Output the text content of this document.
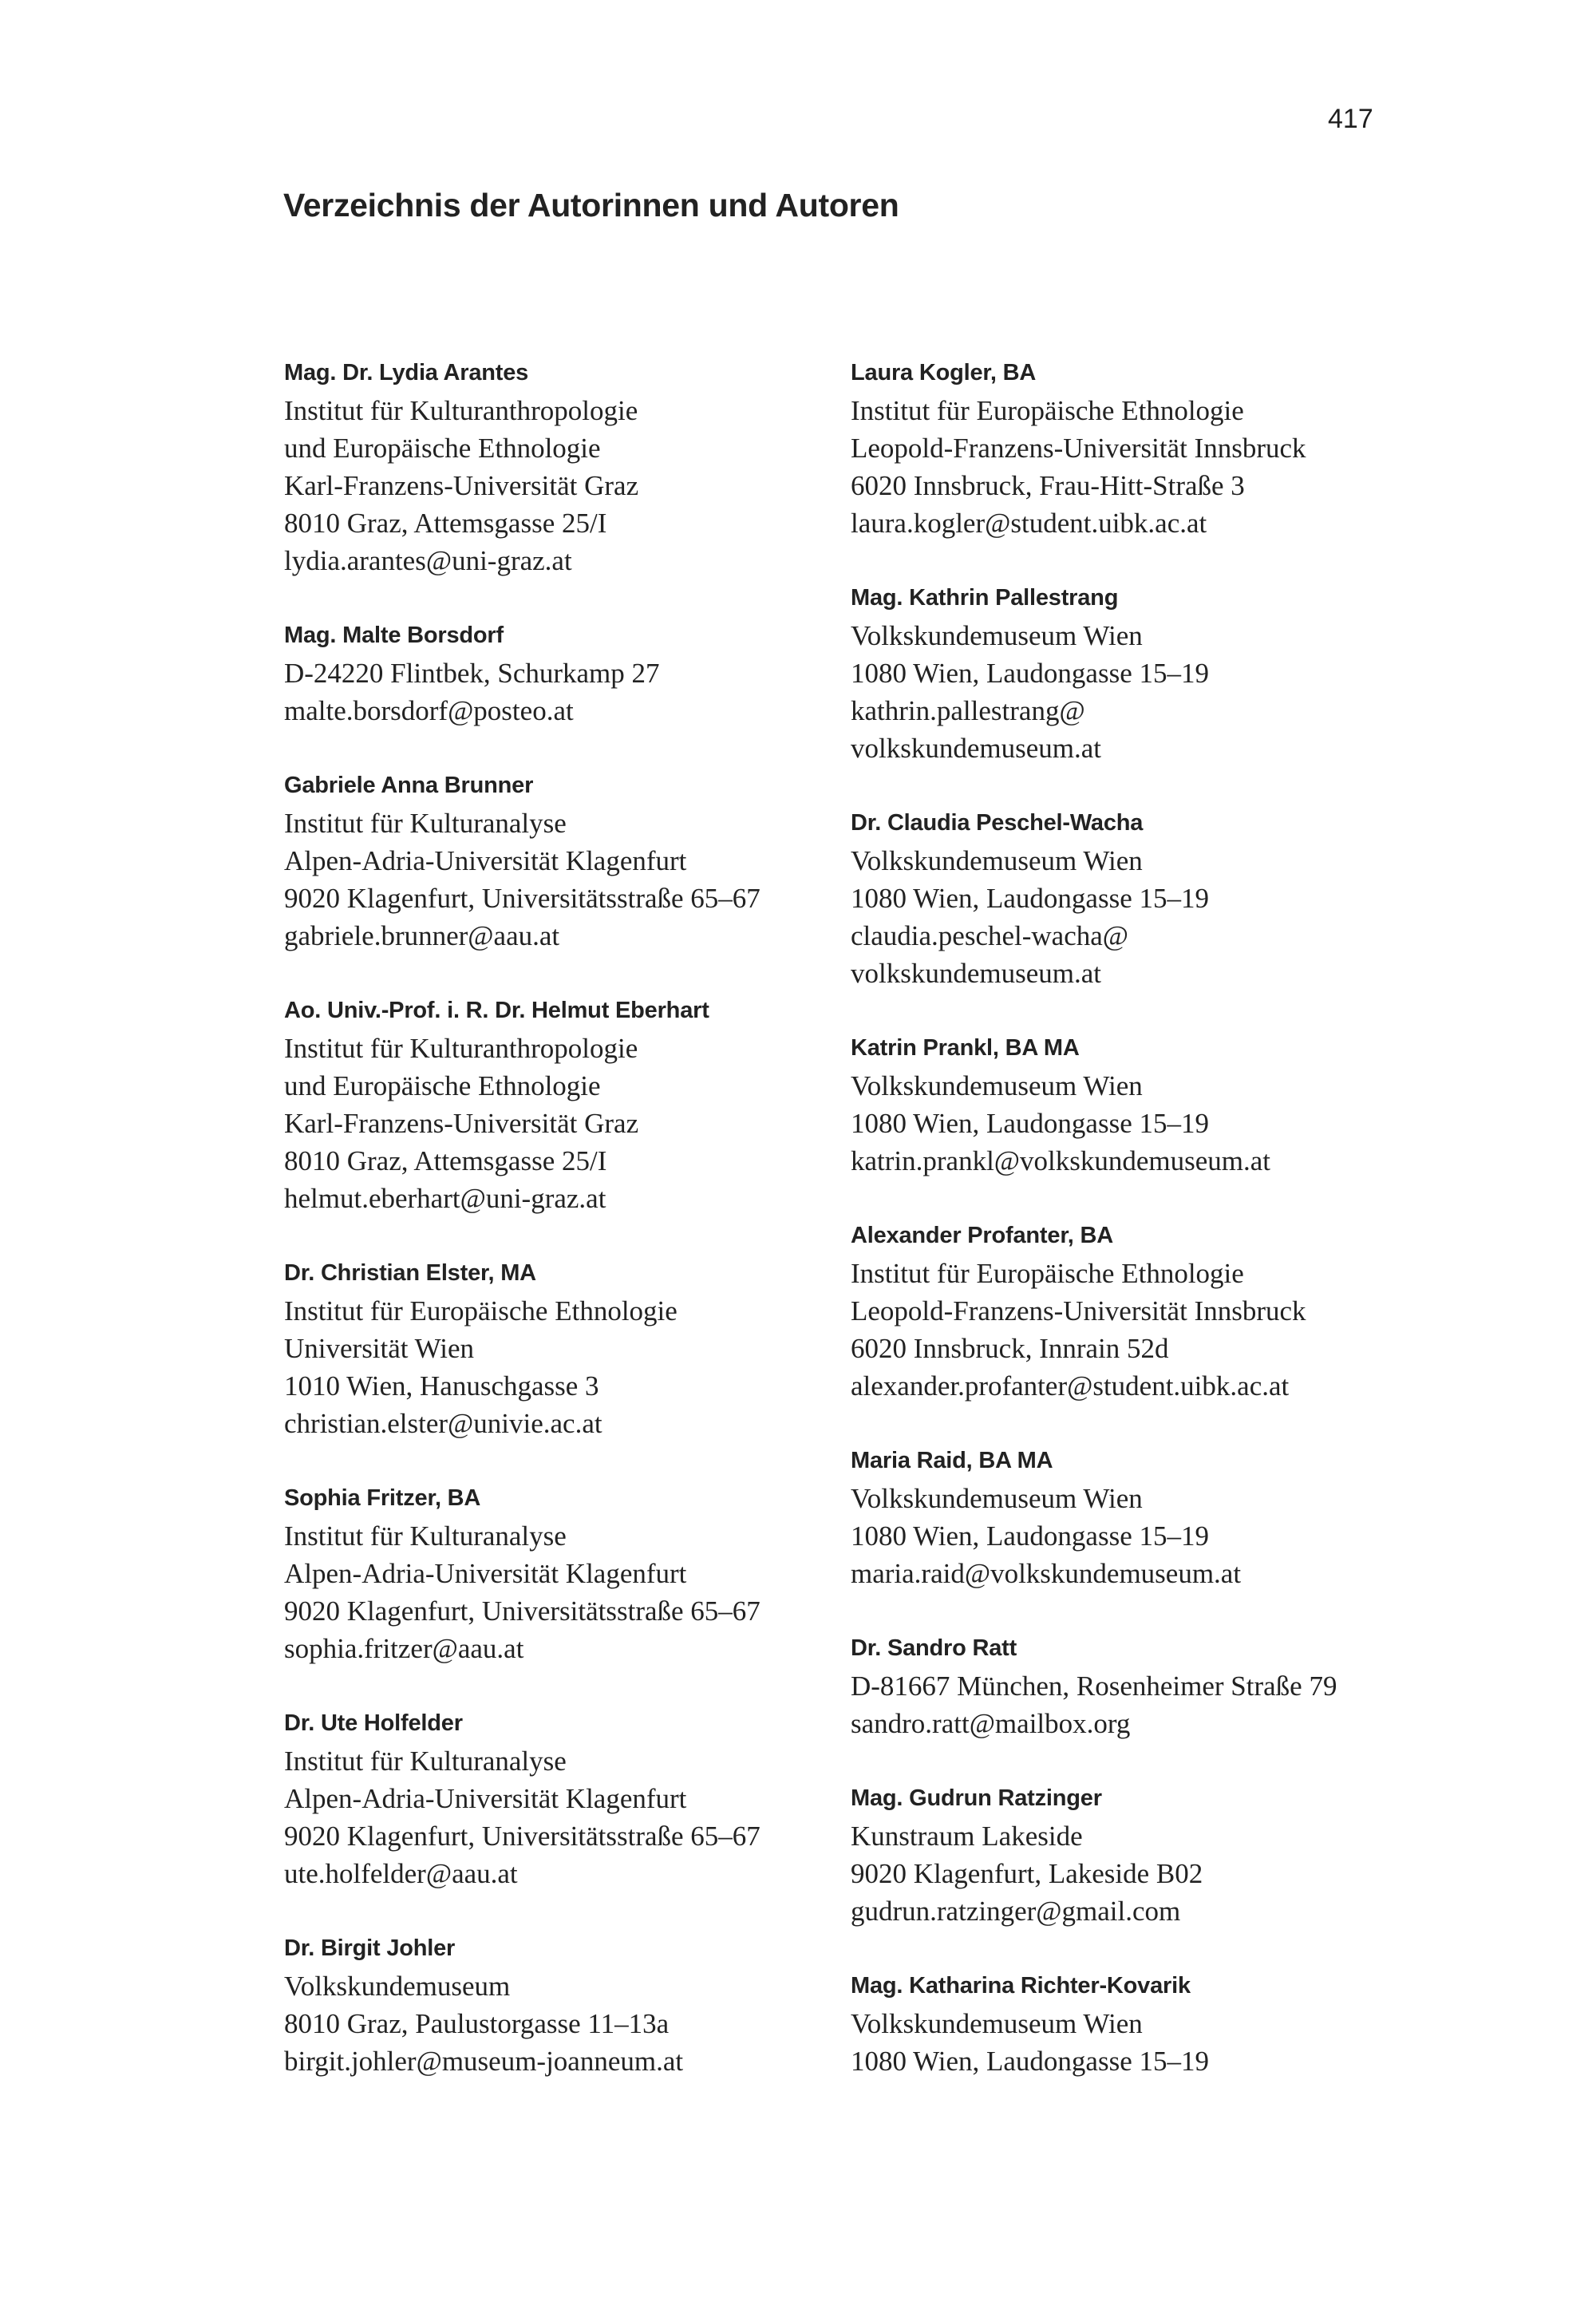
417
Verzeichnis der Autorinnen und Autoren
Mag. Dr. Lydia Arantes
Institut für Kulturanthropologie
und Europäische Ethnologie
Karl-Franzens-Universität Graz
8010 Graz, Attemsgasse 25/I
lydia.arantes@uni-graz.at
Mag. Malte Borsdorf
D-24220 Flintbek, Schurkamp 27
malte.borsdorf@posteo.at
Gabriele Anna Brunner
Institut für Kulturanalyse
Alpen-Adria-Universität Klagenfurt
9020 Klagenfurt, Universitätsstraße 65–67
gabriele.brunner@aau.at
Ao. Univ.-Prof. i. R. Dr. Helmut Eberhart
Institut für Kulturanthropologie
und Europäische Ethnologie
Karl-Franzens-Universität Graz
8010 Graz, Attemsgasse 25/I
helmut.eberhart@uni-graz.at
Dr. Christian Elster, MA
Institut für Europäische Ethnologie
Universität Wien
1010 Wien, Hanuschgasse 3
christian.elster@univie.ac.at
Sophia Fritzer, BA
Institut für Kulturanalyse
Alpen-Adria-Universität Klagenfurt
9020 Klagenfurt, Universitätsstraße 65–67
sophia.fritzer@aau.at
Dr. Ute Holfelder
Institut für Kulturanalyse
Alpen-Adria-Universität Klagenfurt
9020 Klagenfurt, Universitätsstraße 65–67
ute.holfelder@aau.at
Dr. Birgit Johler
Volkskundemuseum
8010 Graz, Paulustorgasse 11–13a
birgit.johler@museum-joanneum.at
Laura Kogler, BA
Institut für Europäische Ethnologie
Leopold-Franzens-Universität Innsbruck
6020 Innsbruck, Frau-Hitt-Straße 3
laura.kogler@student.uibk.ac.at
Mag. Kathrin Pallestrang
Volkskundemuseum Wien
1080 Wien, Laudongasse 15–19
kathrin.pallestrang@
volkskundemuseum.at
Dr. Claudia Peschel-Wacha
Volkskundemuseum Wien
1080 Wien, Laudongasse 15–19
claudia.peschel-wacha@
volkskundemuseum.at
Katrin Prankl, BA MA
Volkskundemuseum Wien
1080 Wien, Laudongasse 15–19
katrin.prankl@volkskundemuseum.at
Alexander Profanter, BA
Institut für Europäische Ethnologie
Leopold-Franzens-Universität Innsbruck
6020 Innsbruck, Innrain 52d
alexander.profanter@student.uibk.ac.at
Maria Raid, BA MA
Volkskundemuseum Wien
1080 Wien, Laudongasse 15–19
maria.raid@volkskundemuseum.at
Dr. Sandro Ratt
D-81667 München, Rosenheimer Straße 79
sandro.ratt@mailbox.org
Mag. Gudrun Ratzinger
Kunstraum Lakeside
9020 Klagenfurt, Lakeside B02
gudrun.ratzinger@gmail.com
Mag. Katharina Richter-Kovarik
Volkskundemuseum Wien
1080 Wien, Laudongasse 15–19
